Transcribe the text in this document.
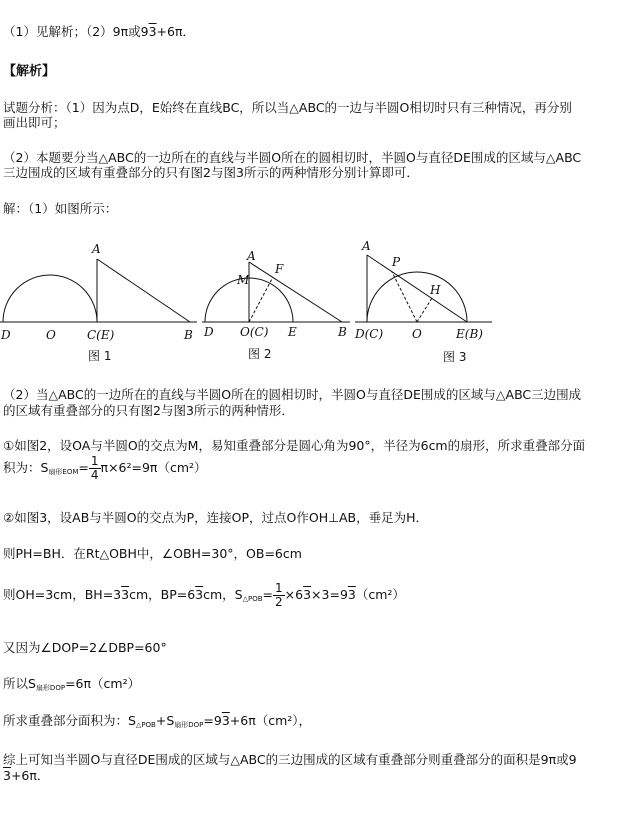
（1）见解析；（2）9π或93+6π．
【解析】
试题分析：（1）因为点D，E始终在直线BC，所以当△ABC的一边与半圆O相切时只有三种情况，再分别
画出即可；
（2）本题要分当△ABC的一边所在的直线与半圆O所在的圆相切时，半圆O与直径DE围成的区域与△ABC
三边围成的区域有重叠部分的只有图2与图3所示的两种情形分别计算即可．
解：（1）如图所示：
A
D	O	C(E)	B
图 1
A
F
M
D O(C) E	B
图 2
A
P
H
D(C) O	E(B)
图 3
（2）当△ABC的一边所在的直线与半圆O所在的圆相切时，半圆O与直径DE围成的区域与△ABC三边围成
的区域有重叠部分的只有图2与图3所示的两种情形．
①如图2，设OA与半圆O的交点为M，易知重叠部分是圆心角为90°，半径为6cm的扇形，所求重叠部分面
积为：$S_{扇形EOM}= \frac{1}{4} \pi\times 6^2=9\pi(cm^2)$
②如图3，设AB与半圆O的交点为P，连接OP，过点O作OH⊥AB，垂足为H．
则PH=BH．在Rt△OBH中，∠OBH=30°，OB=6cm
则OH=3cm，BH=33cm，BP=63cm，$S_{\triangle POB}= \frac{1}{2} \times 63\times 3=93(cm^2)$
又因为∠DOP=2∠DBP=60°
所以$S_{扇形DOP}=6\pi(cm^2)$
所求重叠部分面积为：$S_{\triangle POB}+S_{扇形DOP}=93+6\pi(cm^2)$，
综上可知当半圆O与直径DE围成的区域与△ABC的三边围成的区域有重叠部分则重叠部分的面积是9π或9
3+6π．
